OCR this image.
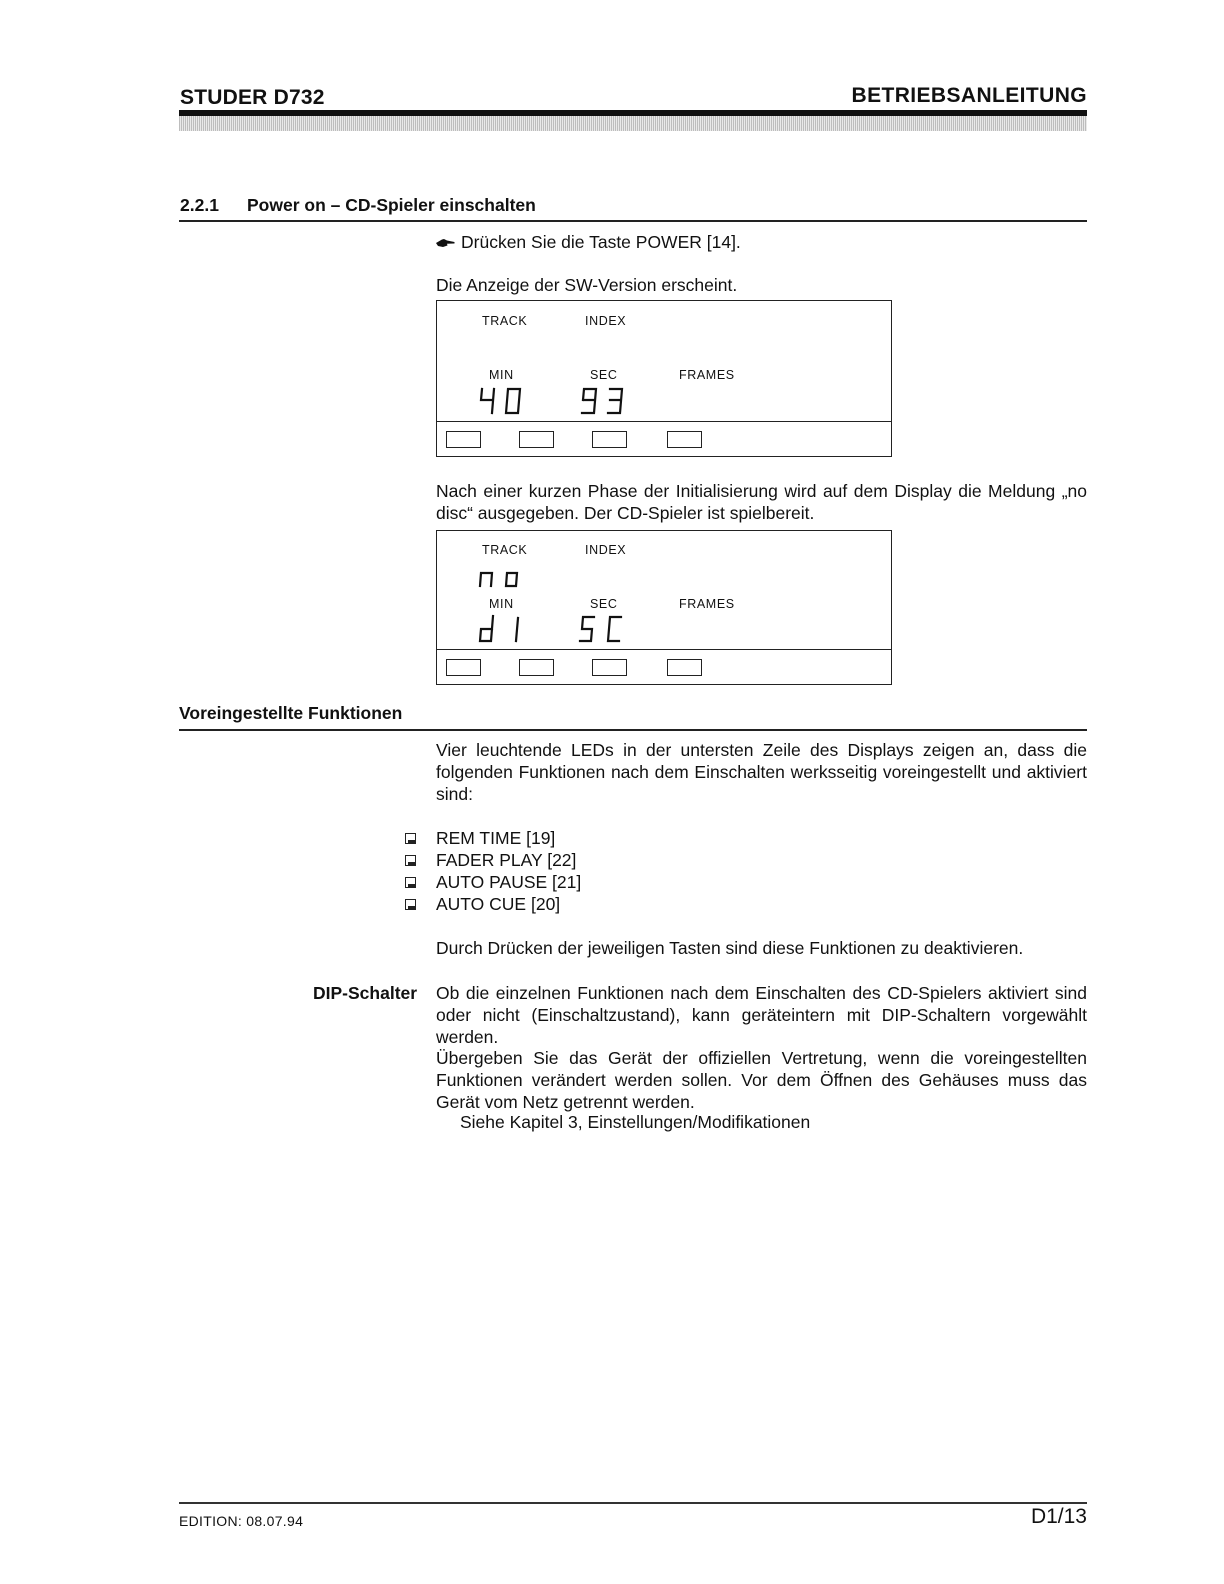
STUDER D732	BETRIEBSANLEITUNG
2.2.1 Power on – CD-Spieler einschalten
Drücken Sie die Taste POWER [14].
Die Anzeige der SW-Version erscheint.
TRACK	INDEX
MIN	SEC	FRAMES
Nach einer kurzen Phase der Initialisierung wird auf dem Display die Meldung „no disc“ ausgegeben. Der CD-Spieler ist spielbereit.
TRACK	INDEX
MIN	SEC	FRAMES
Voreingestellte Funktionen
Vier leuchtende LEDs in der untersten Zeile des Displays zeigen an, dass die folgenden Funktionen nach dem Einschalten werksseitig voreingestellt und aktiviert sind:
REM TIME [19]
FADER PLAY [22]
AUTO PAUSE [21]
AUTO CUE [20]
Durch Drücken der jeweiligen Tasten sind diese Funktionen zu deaktivieren.
DIP-Schalter Ob die einzelnen Funktionen nach dem Einschalten des CD-Spielers aktiviert sind oder nicht (Einschaltzustand), kann geräteintern mit DIP-Schaltern vorgewählt werden.
Übergeben Sie das Gerät der offiziellen Vertretung, wenn die voreingestellten Funktionen verändert werden sollen. Vor dem Öffnen des Gehäuses muss das Gerät vom Netz getrennt werden.
Siehe Kapitel 3, Einstellungen/Modifikationen
EDITION: 08.07.94	D1/13
